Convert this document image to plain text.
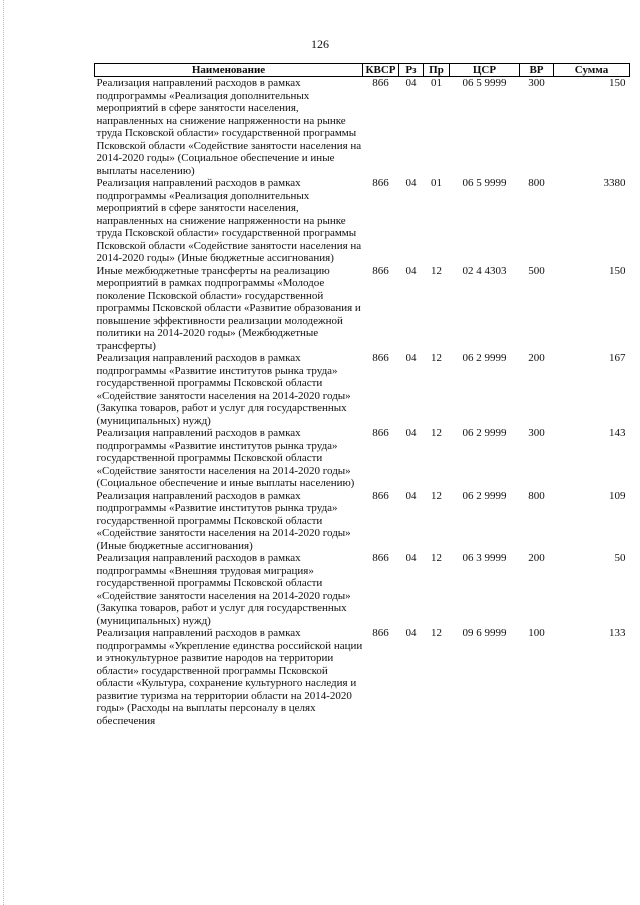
126
Наименование	КВСР	Рз	Пр	ЦСР	ВР	Сумма
Реализация направлений расходов в рамках подпрограммы «Реализация дополнительных мероприятий в сфере занятости населения, направленных на снижение напряженности на рынке труда Псковской области» государственной программы Псковской области «Содействие занятости населения на 2014-2020 годы» (Социальное обеспечение и иные выплаты населению)	866	04	01	06 5 9999	300	150
Реализация направлений расходов в рамках подпрограммы «Реализация дополнительных мероприятий в сфере занятости населения, направленных на снижение напряженности на рынке труда Псковской области» государственной программы Псковской области «Содействие занятости населения на 2014-2020 годы» (Иные бюджетные ассигнования)	866	04	01	06 5 9999	800	3380
Иные межбюджетные трансферты на реализацию мероприятий в рамках подпрограммы «Молодое поколение Псковской области» государственной программы Псковской области «Развитие образования и повышение эффективности реализации молодежной политики на 2014-2020 годы» (Межбюджетные трансферты)	866	04	12	02 4 4303	500	150
Реализация направлений расходов в рамках подпрограммы «Развитие институтов рынка труда» государственной программы Псковской области «Содействие занятости населения на 2014-2020 годы» (Закупка товаров, работ и услуг для государственных (муниципальных) нужд)	866	04	12	06 2 9999	200	167
Реализация направлений расходов в рамках подпрограммы «Развитие институтов рынка труда» государственной программы Псковской области «Содействие занятости населения на 2014-2020 годы» (Социальное обеспечение и иные выплаты населению)	866	04	12	06 2 9999	300	143
Реализация направлений расходов в рамках подпрограммы «Развитие институтов рынка труда» государственной программы Псковской области «Содействие занятости населения на 2014-2020 годы» (Иные бюджетные ассигнования)	866	04	12	06 2 9999	800	109
Реализация направлений расходов в рамках подпрограммы «Внешняя трудовая миграция» государственной программы Псковской области «Содействие занятости населения на 2014-2020 годы» (Закупка товаров, работ и услуг для государственных (муниципальных) нужд)	866	04	12	06 3 9999	200	50
Реализация направлений расходов в рамках подпрограммы «Укрепление единства российской нации и этнокультурное развитие народов на территории области» государственной программы Псковской области «Культура, сохранение культурного наследия и развитие туризма на территории области на 2014-2020 годы» (Расходы на выплаты персоналу в целях обеспечения	866	04	12	09 6 9999	100	133
